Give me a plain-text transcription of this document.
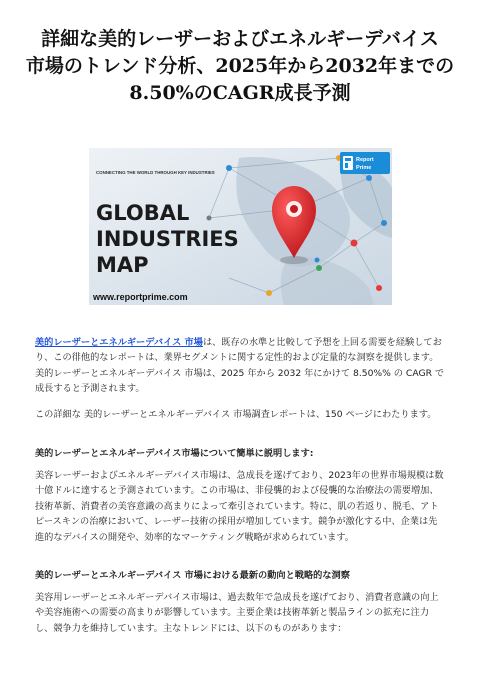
詳細な美的レーザーおよびエネルギーデバイス
市場のトレンド分析、2025年から2032年までの
8.50%のCAGR成長予測
CONNECTING THE WORLD THROUGH KEY INDUSTRIES
GLOBAL
INDUSTRIES
MAP
www.reportprime.com
Report
Prime

美的レーザーとエネルギーデバイス 市場は、既存の水準と比較して予想を上回る需要を経験しており、この徘他的なレポートは、業界セグメントに関する定性的および定量的な洞察を提供します。 美的レーザーとエネルギーデバイス 市場は、2025 年から 2032 年にかけて 8.50%% の CAGR で成長すると予測されます。

この詳細な 美的レーザーとエネルギーデバイス 市場調査レポートは、150 ページにわたります。

美的レーザーとエネルギーデバイス市場について簡単に説明します:

美容レーザーおよびエネルギーデバイス市場は、急成長を遂げており、2023年の世界市場規模は数十億ドルに達すると予測されています。この市場は、非侵襲的および侵襲的な治療法の需要増加、技術革新、消費者の美容意識の高まりによって牽引されています。特に、肌の若返り、脱毛、アトピースキンの治療において、レーザー技術の採用が増加しています。競争が激化する中、企業は先進的なデバイスの開発や、効率的なマーケティング戦略が求められています。

美的レーザーとエネルギーデバイス 市場における最新の動向と戦略的な洞察

美容用レーザーとエネルギーデバイス市場は、過去数年で急成長を遂げており、消費者意識の向上や美容施術への需要の高まりが影響しています。主要企業は技術革新と製品ラインの拡充に注力し、競争力を維持しています。主なトレンドには、以下のものがあります：
